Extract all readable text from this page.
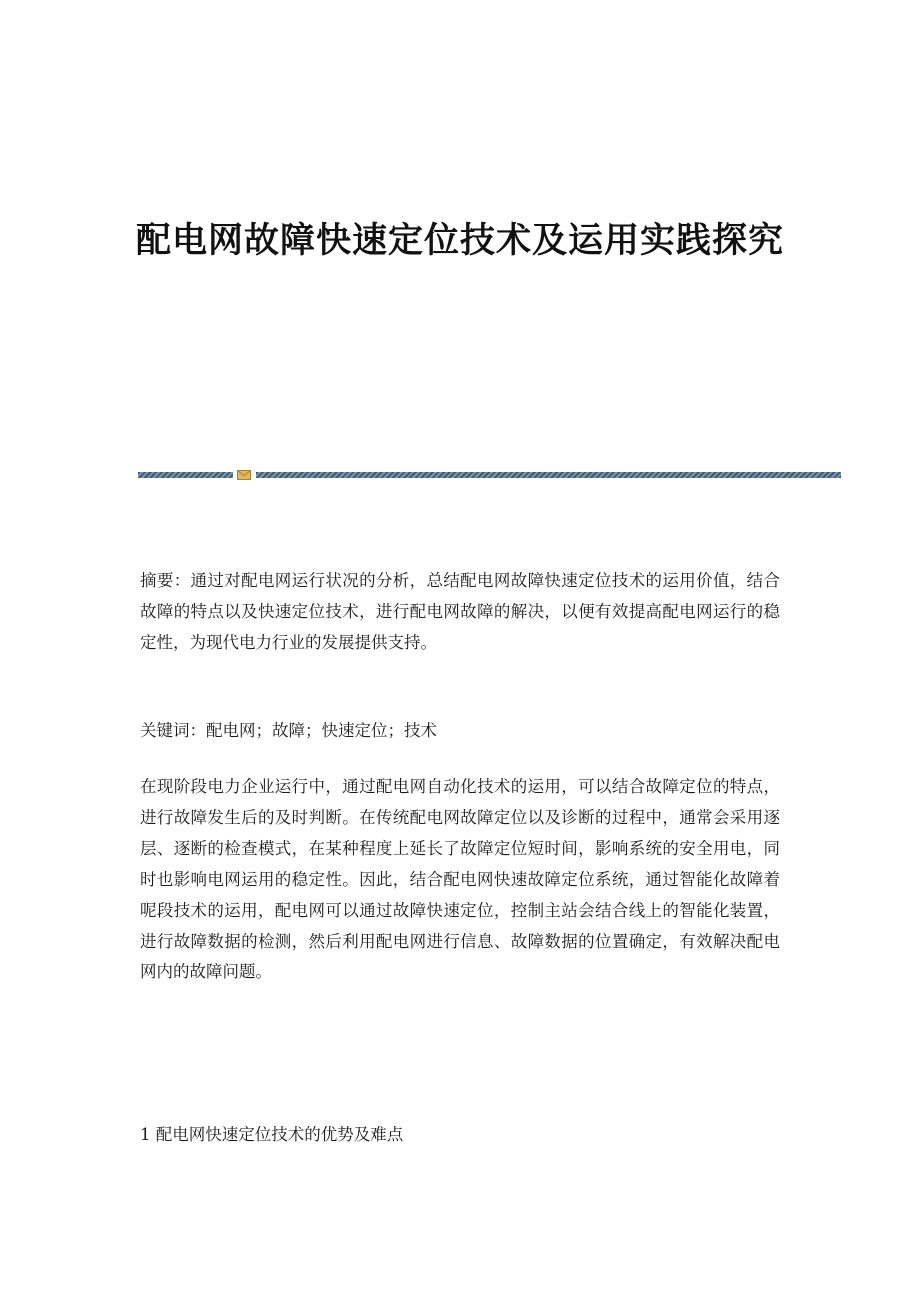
配电网故障快速定位技术及运用实践探究

摘要：通过对配电网运行状况的分析，总结配电网故障快速定位技术的运用价值，结合故障的特点以及快速定位技术，进行配电网故障的解决，以便有效提高配电网运行的稳定性，为现代电力行业的发展提供支持。

关键词：配电网；故障；快速定位；技术

在现阶段电力企业运行中，通过配电网自动化技术的运用，可以结合故障定位的特点，进行故障发生后的及时判断。在传统配电网故障定位以及诊断的过程中，通常会采用逐层、逐断的检查模式，在某种程度上延长了故障定位短时间，影响系统的安全用电，同时也影响电网运用的稳定性。因此，结合配电网快速故障定位系统，通过智能化故障着呢段技术的运用，配电网可以通过故障快速定位，控制主站会结合线上的智能化装置，进行故障数据的检测，然后利用配电网进行信息、故障数据的位置确定，有效解决配电网内的故障问题。

1 配电网快速定位技术的优势及难点
